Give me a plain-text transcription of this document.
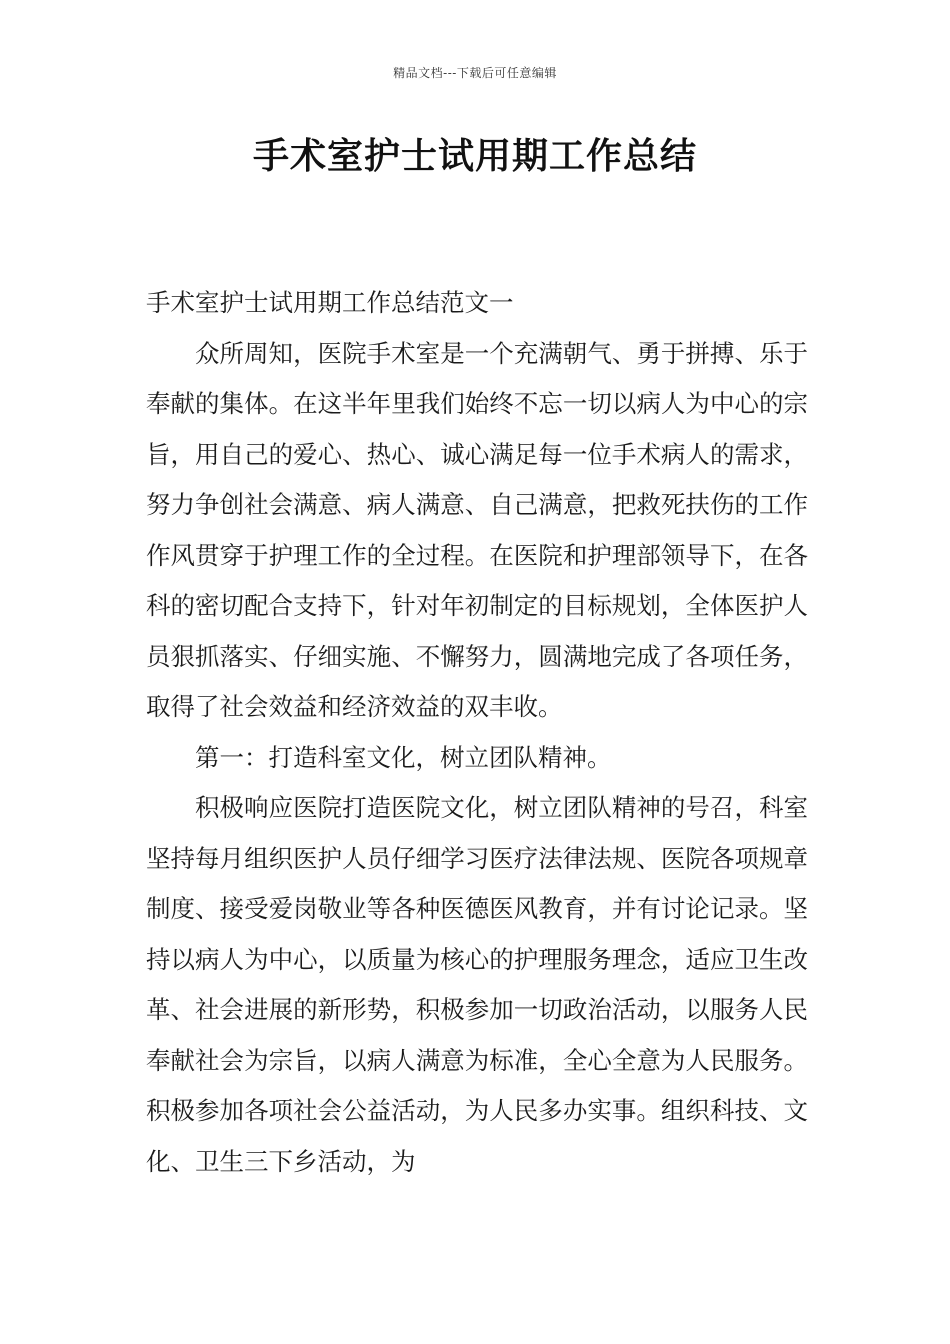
精品文档---下载后可任意编辑
手术室护士试用期工作总结

手术室护士试用期工作总结范文一

众所周知，医院手术室是一个充满朝气、勇于拼搏、乐于奉献的集体。在这半年里我们始终不忘一切以病人为中心的宗旨，用自己的爱心、热心、诚心满足每一位手术病人的需求，努力争创社会满意、病人满意、自己满意，把救死扶伤的工作作风贯穿于护理工作的全过程。在医院和护理部领导下，在各科的密切配合支持下，针对年初制定的目标规划，全体医护人员狠抓落实、仔细实施、不懈努力，圆满地完成了各项任务，取得了社会效益和经济效益的双丰收。

第一：打造科室文化，树立团队精神。

积极响应医院打造医院文化，树立团队精神的号召，科室坚持每月组织医护人员仔细学习医疗法律法规、医院各项规章制度、接受爱岗敬业等各种医德医风教育，并有讨论记录。坚持以病人为中心，以质量为核心的护理服务理念，适应卫生改革、社会进展的新形势，积极参加一切政治活动，以服务人民奉献社会为宗旨，以病人满意为标准，全心全意为人民服务。积极参加各项社会公益活动，为人民多办实事。组织科技、文化、卫生三下乡活动，为
